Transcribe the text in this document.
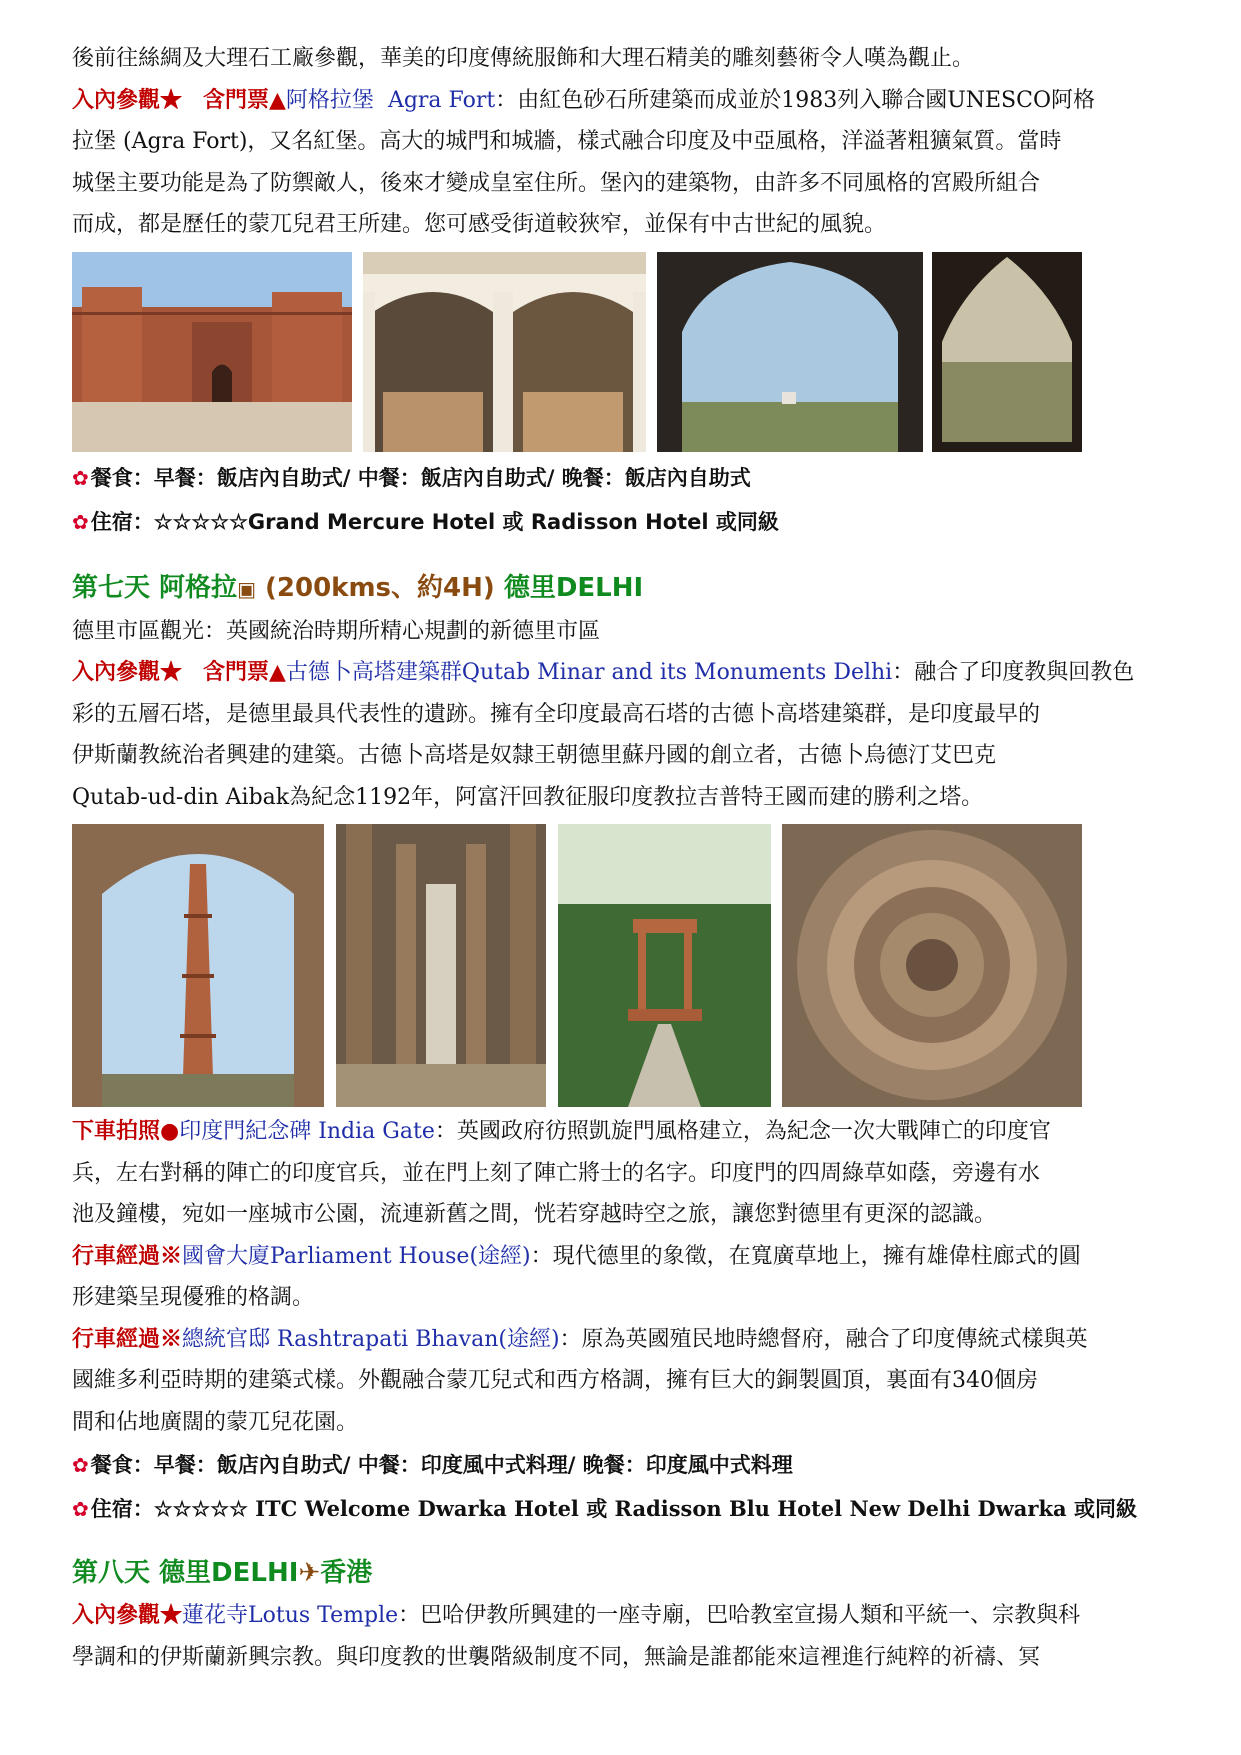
後前往絲綢及大理石工廠參觀，華美的印度傳統服飾和大理石精美的雕刻藝術令人嘆為觀止。

入內參觀★ 含門票▲阿格拉堡 Agra Fort：由紅色砂石所建築而成並於1983列入聯合國UNESCO阿格

拉堡 (Agra Fort)，又名紅堡。高大的城門和城牆，樣式融合印度及中亞風格，洋溢著粗獷氣質。當時

城堡主要功能是為了防禦敵人，後來才變成皇室住所。堡內的建築物，由許多不同風格的宮殿所組合

而成，都是歷任的蒙兀兒君王所建。您可感受街道較狹窄，並保有中古世紀的風貌。

✿餐食：早餐：飯店內自助式/ 中餐：飯店內自助式/ 晚餐：飯店內自助式

✿住宿：☆☆☆☆☆Grand Mercure Hotel 或 Radisson Hotel 或同級

第七天 阿格拉▣ (200kms、約4H) 德里DELHI

德里市區觀光：英國統治時期所精心規劃的新德里市區

入內參觀★ 含門票▲古德卜高塔建築群Qutab Minar and its Monuments Delhi：融合了印度教與回教色

彩的五層石塔，是德里最具代表性的遺跡。擁有全印度最高石塔的古德卜高塔建築群，是印度最早的

伊斯蘭教統治者興建的建築。古德卜高塔是奴隸王朝德里蘇丹國的創立者，古德卜烏德汀艾巴克

Qutab-ud-din Aibak為紀念1192年，阿富汗回教征服印度教拉吉普特王國而建的勝利之塔。

下車拍照●印度門紀念碑 India Gate：英國政府彷照凱旋門風格建立，為紀念一次大戰陣亡的印度官

兵，左右對稱的陣亡的印度官兵，並在門上刻了陣亡將士的名字。印度門的四周綠草如蔭，旁邊有水

池及鐘樓，宛如一座城市公園，流連新舊之間，恍若穿越時空之旅，讓您對德里有更深的認識。

行車經過※國會大廈Parliament House(途經)：現代德里的象徵，在寬廣草地上，擁有雄偉柱廊式的圓

形建築呈現優雅的格調。

行車經過※總統官邸 Rashtrapati Bhavan(途經)：原為英國殖民地時總督府，融合了印度傳統式樣與英

國維多利亞時期的建築式樣。外觀融合蒙兀兒式和西方格調，擁有巨大的銅製圓頂，裏面有340個房

間和佔地廣闊的蒙兀兒花園。

✿餐食：早餐：飯店內自助式/ 中餐：印度風中式料理/ 晚餐：印度風中式料理

✿住宿：☆☆☆☆☆ ITC Welcome Dwarka Hotel 或 Radisson Blu Hotel New Delhi Dwarka 或同級

第八天 德里DELHI✈香港

入內參觀★蓮花寺Lotus Temple：巴哈伊教所興建的一座寺廟，巴哈教室宣揚人類和平統一、宗教與科

學調和的伊斯蘭新興宗教。與印度教的世襲階級制度不同，無論是誰都能來這裡進行純粹的祈禱、冥
